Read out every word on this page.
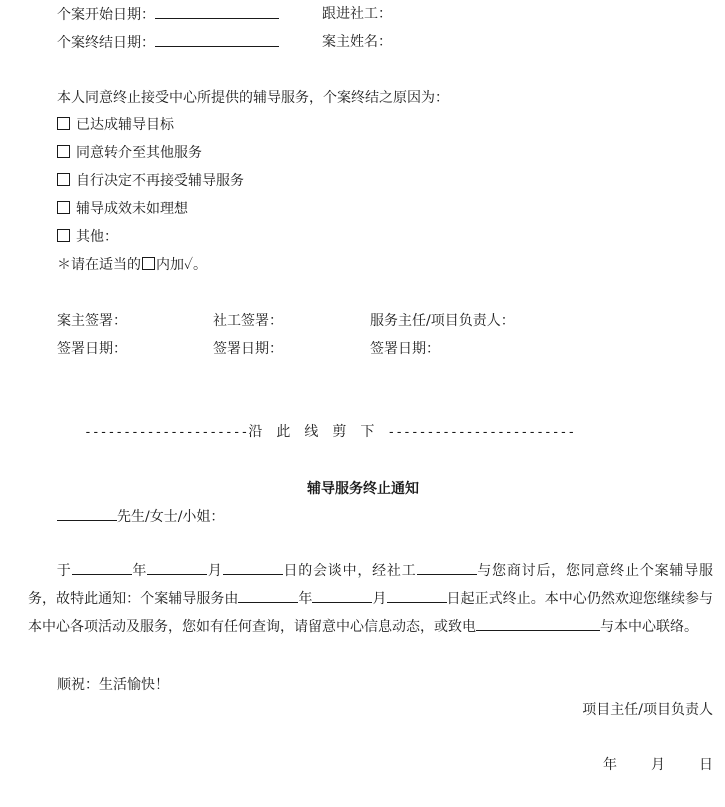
个案开始日期：	跟进社工：
个案终结日期：	案主姓名：
本人同意终止接受中心所提供的辅导服务，个案终结之原因为：
已达成辅导目标
同意转介至其他服务
自行决定不再接受辅导服务
辅导成效未如理想
其他：
＊请在适当的 内加✓。
案主签署：	社工签署：	服务主任/项目负责人：
签署日期：	签署日期：	签署日期：
---------------------沿 此 线 剪 下 ------------------------
辅导服务终止通知
先生/女士/小姐：
于	年	月	日的会谈中，经社工	与您商讨后，您同意终止个案辅导服务，故特此通知：个案辅导服务由	年	月	日起正式终止。本中心仍然欢迎您继续参与本中心各项活动及服务，您如有任何查询，请留意中心信息动态，或致电	与本中心联络。
顺祝：生活愉快！
项目主任/项目负责人
年 月 日
